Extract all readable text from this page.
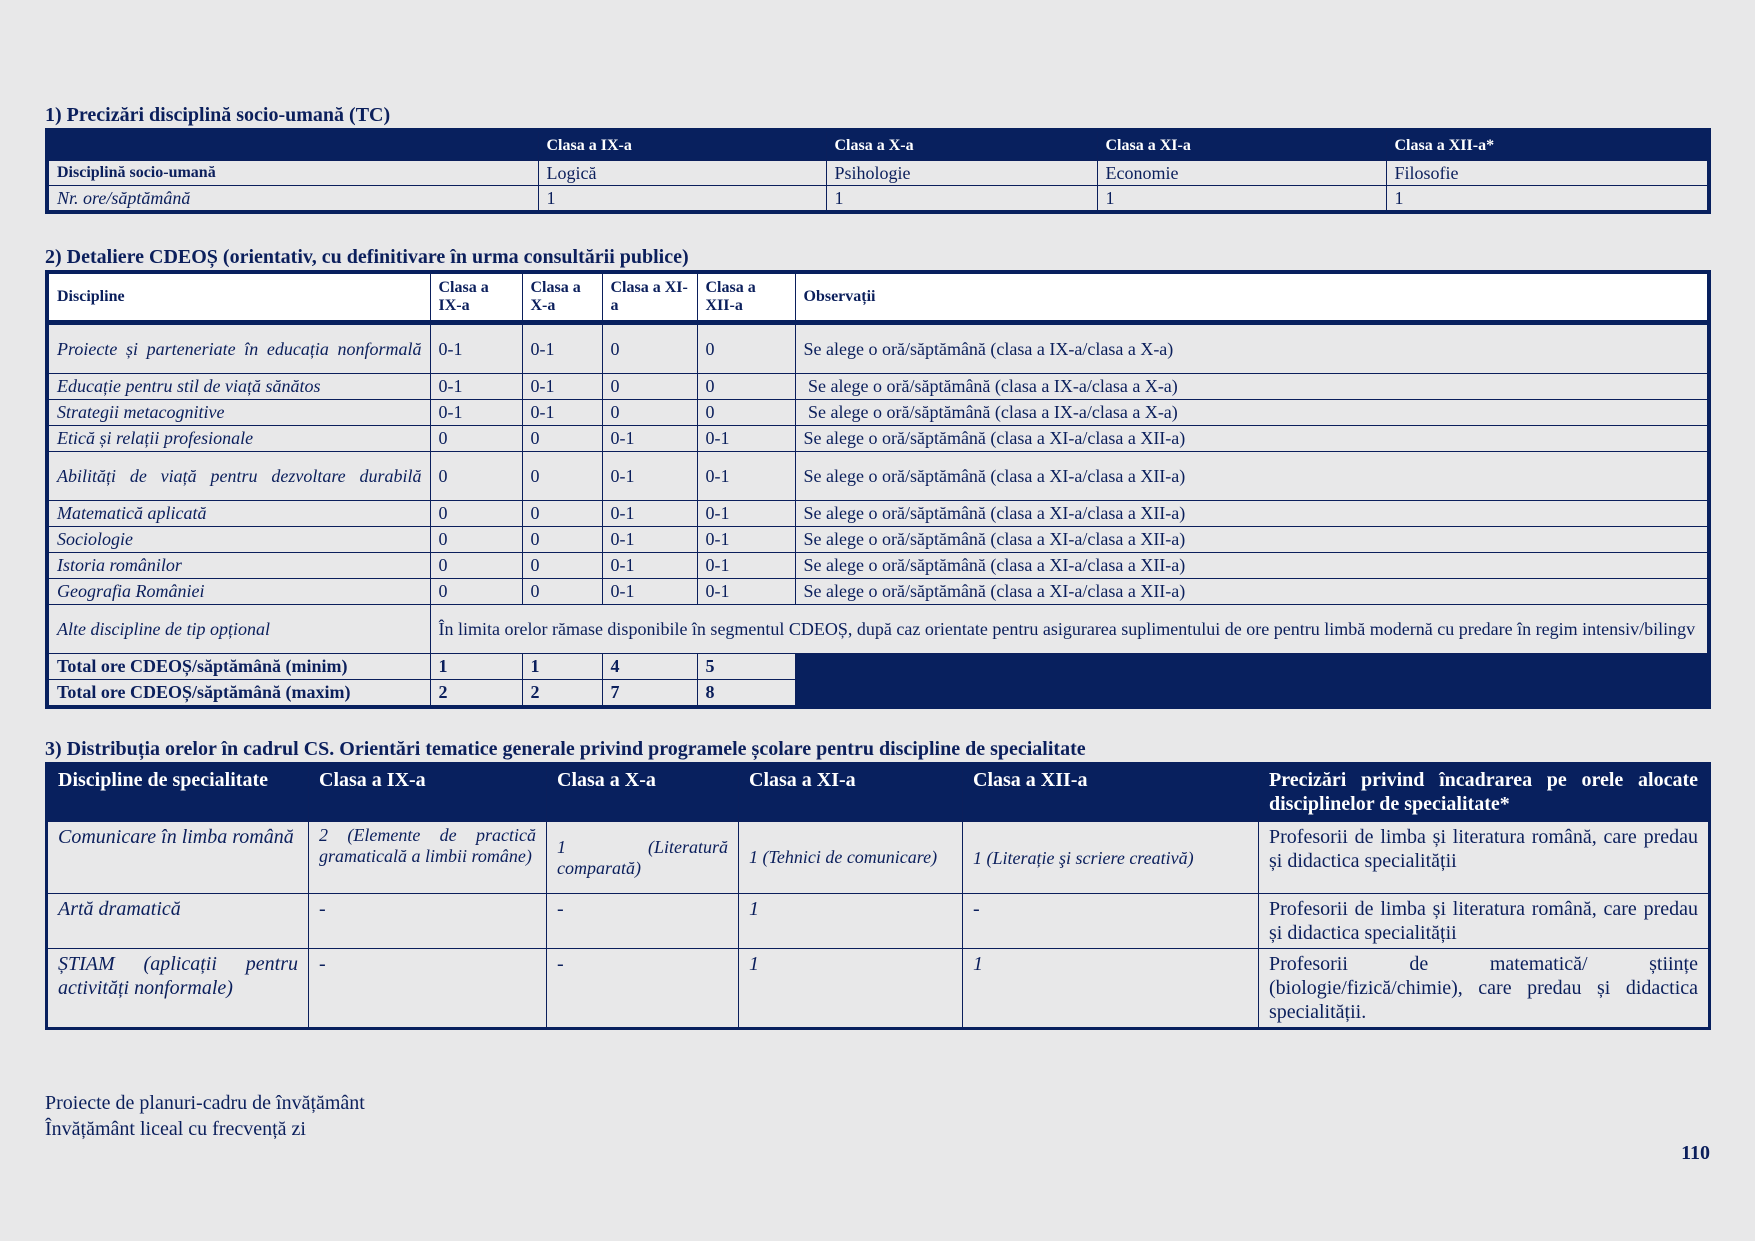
1) Precizări disciplină socio-umană (TC)
	Clasa a IX-a	Clasa a X-a	Clasa a XI-a	Clasa a XII-a*
Disciplină socio-umană	Logică	Psihologie	Economie	Filosofie
Nr. ore/săptămână	1	1	1	1
2) Detaliere CDEOȘ (orientativ, cu definitivare în urma consultării publice)
Discipline	Clasa a IX-a	Clasa a X-a	Clasa a XI-a	Clasa a XII-a	Observații
Proiecte și parteneriate în educația nonformală	0-1	0-1	0	0	Se alege o oră/săptămână (clasa a IX-a/clasa a X-a)
Educație pentru stil de viață sănătos	0-1	0-1	0	0	Se alege o oră/săptămână (clasa a IX-a/clasa a X-a)
Strategii metacognitive	0-1	0-1	0	0	Se alege o oră/săptămână (clasa a IX-a/clasa a X-a)
Etică și relații profesionale	0	0	0-1	0-1	Se alege o oră/săptămână (clasa a XI-a/clasa a XII-a)
Abilități de viață pentru dezvoltare durabilă	0	0	0-1	0-1	Se alege o oră/săptămână (clasa a XI-a/clasa a XII-a)
Matematică aplicată	0	0	0-1	0-1	Se alege o oră/săptămână (clasa a XI-a/clasa a XII-a)
Sociologie	0	0	0-1	0-1	Se alege o oră/săptămână (clasa a XI-a/clasa a XII-a)
Istoria românilor	0	0	0-1	0-1	Se alege o oră/săptămână (clasa a XI-a/clasa a XII-a)
Geografia României	0	0	0-1	0-1	Se alege o oră/săptămână (clasa a XI-a/clasa a XII-a)
Alte discipline de tip opțional	În limita orelor rămase disponibile în segmentul CDEOȘ, după caz orientate pentru asigurarea suplimentului de ore pentru limbă modernă cu predare în regim intensiv/bilingv				
Total ore CDEOȘ/săptămână (minim)	1	1	4	5	
Total ore CDEOȘ/săptămână (maxim)	2	2	7	8	
3) Distribuția orelor în cadrul CS. Orientări tematice generale privind programele școlare pentru discipline de specialitate
Discipline de specialitate	Clasa a IX-a	Clasa a X-a	Clasa a XI-a	Clasa a XII-a	Precizări privind încadrarea pe orele alocate disciplinelor de specialitate*
Comunicare în limba română	2 (Elemente de practică gramaticală a limbii române)	1 (Literatură comparată)	1 (Tehnici de comunicare)	1 (Literație şi scriere creativă)	Profesorii de limba și literatura română, care predau și didactica specialității
Artă dramatică	-	-	1	-	Profesorii de limba și literatura română, care predau și didactica specialității
ȘTIAM (aplicații pentru activități nonformale)	-	-	1	1	Profesorii de matematică/ științe (biologie/fizică/chimie), care predau și didactica specialității.
Proiecte de planuri-cadru de învățământ
Învățământ liceal cu frecvență zi
110
